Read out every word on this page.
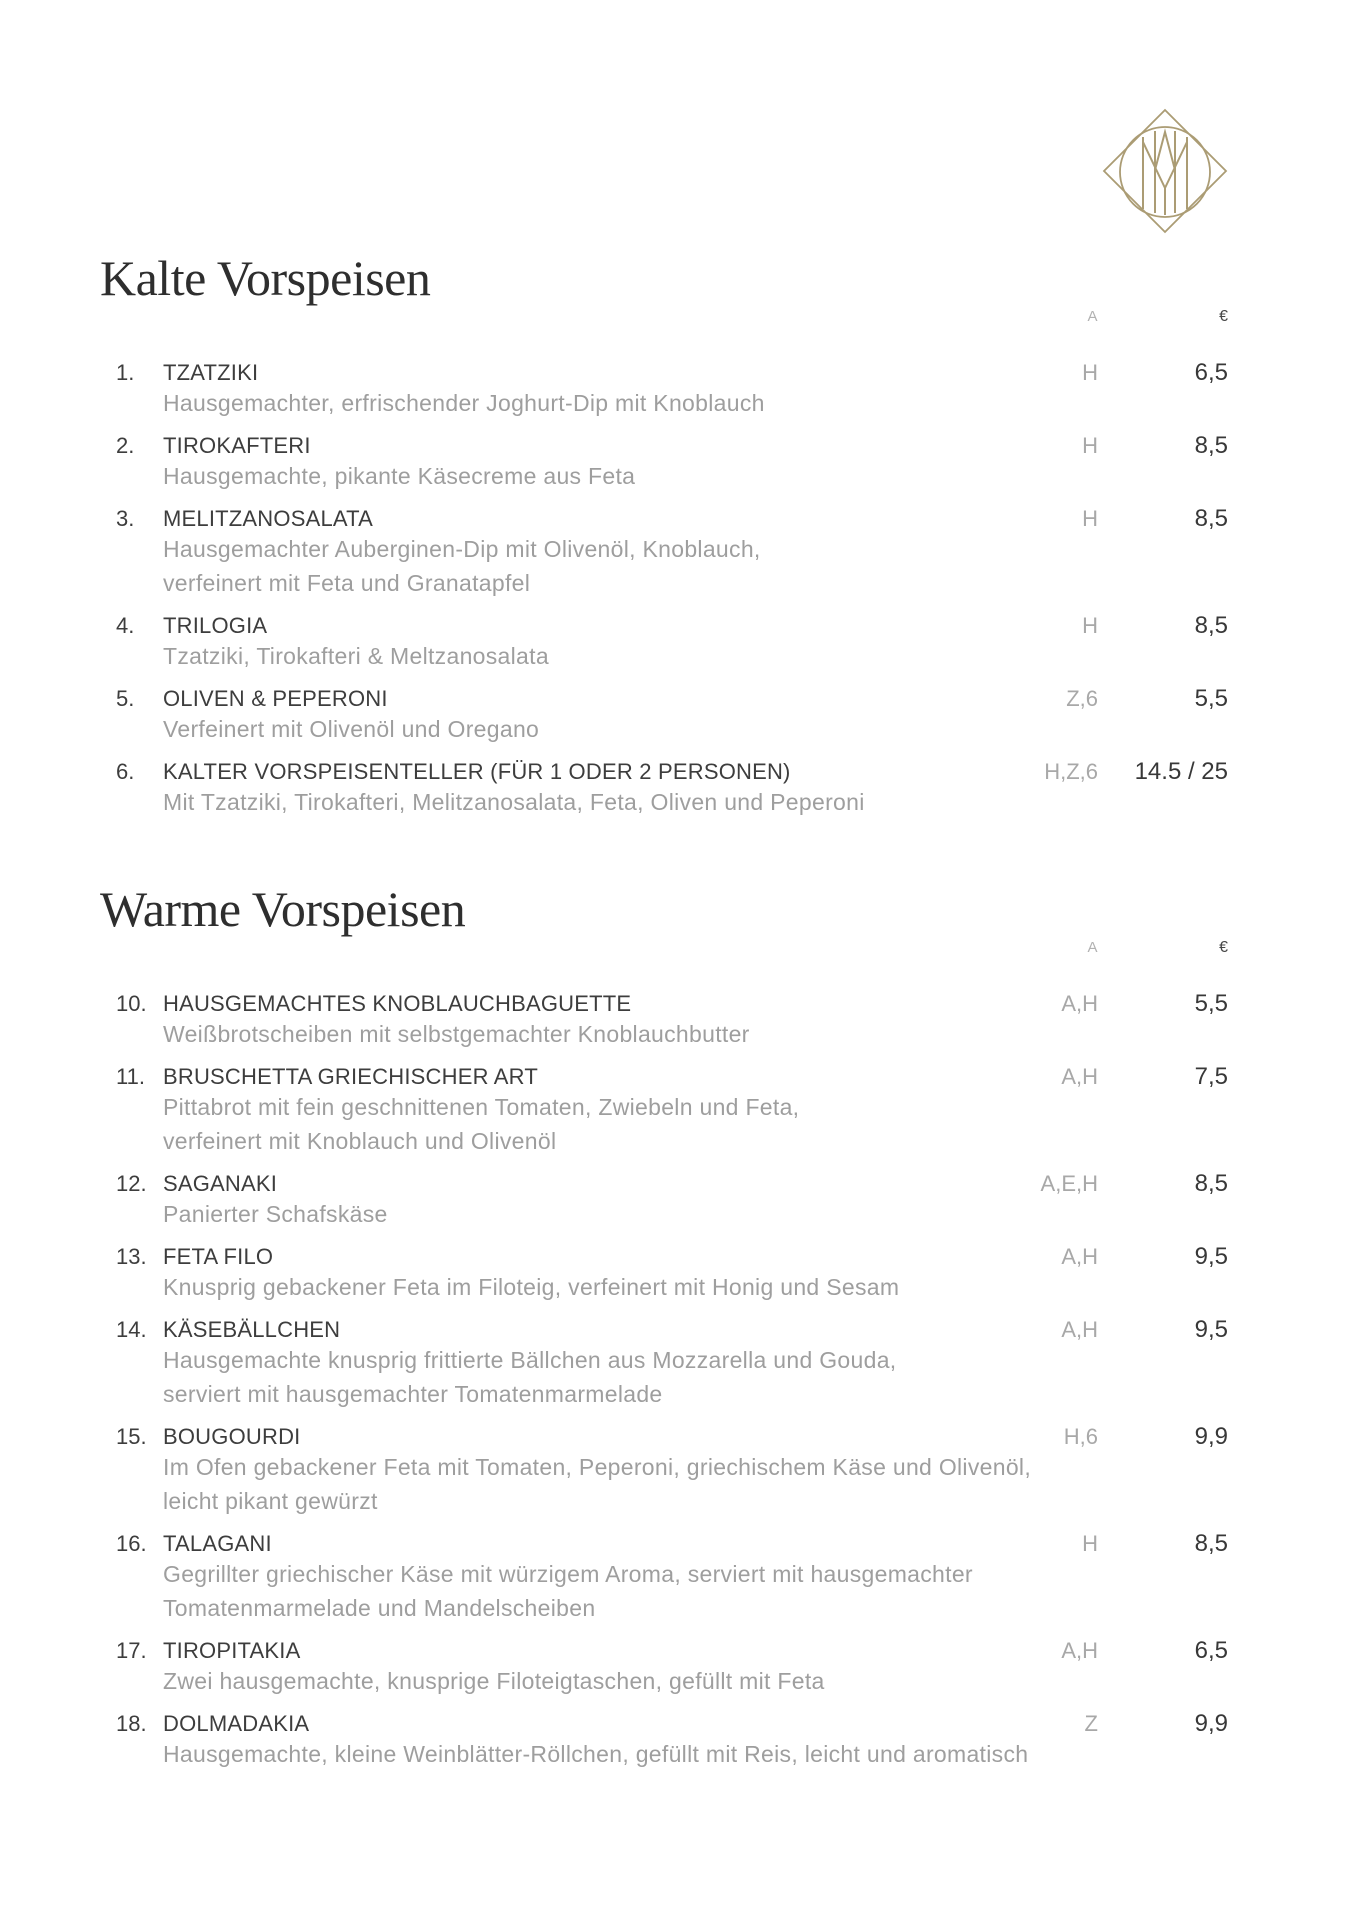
Kalte Vorspeisen
A	€
1.	TZATZIKI	H	6,5
Hausgemachter, erfrischender Joghurt-Dip mit Knoblauch
2.	TIROKAFTERI	H	8,5
Hausgemachte, pikante Käsecreme aus Feta
3.	MELITZANOSALATA	H	8,5
Hausgemachter Auberginen-Dip mit Olivenöl, Knoblauch,
verfeinert mit Feta und Granatapfel
4.	TRILOGIA	H	8,5
Tzatziki, Tirokafteri & Meltzanosalata
5.	OLIVEN & PEPERONI	Z,6	5,5
Verfeinert mit Olivenöl und Oregano
6.	KALTER VORSPEISENTELLER (FÜR 1 ODER 2 PERSONEN)	H,Z,6	14.5 / 25
Mit Tzatziki, Tirokafteri, Melitzanosalata, Feta, Oliven und Peperoni
Warme Vorspeisen
A	€
10. HAUSGEMACHTES KNOBLAUCHBAGUETTE	A,H	5,5
Weißbrotscheiben mit selbstgemachter Knoblauchbutter
11. BRUSCHETTA GRIECHISCHER ART	A,H	7,5
Pittabrot mit fein geschnittenen Tomaten, Zwiebeln und Feta,
verfeinert mit Knoblauch und Olivenöl
12. SAGANAKI	A,E,H	8,5
Panierter Schafskäse
13. FETA FILO	A,H	9,5
Knusprig gebackener Feta im Filoteig, verfeinert mit Honig und Sesam
14. KÄSEBÄLLCHEN	A,H	9,5
Hausgemachte knusprig frittierte Bällchen aus Mozzarella und Gouda,
serviert mit hausgemachter Tomatenmarmelade
15. BOUGOURDI	H,6	9,9
Im Ofen gebackener Feta mit Tomaten, Peperoni, griechischem Käse und Olivenöl,
leicht pikant gewürzt
16. TALAGANI	H	8,5
Gegrillter griechischer Käse mit würzigem Aroma, serviert mit hausgemachter
Tomatenmarmelade und Mandelscheiben
17. TIROPITAKIA	A,H	6,5
Zwei hausgemachte, knusprige Filoteigtaschen, gefüllt mit Feta
18. DOLMADAKIA	Z	9,9
Hausgemachte, kleine Weinblätter-Röllchen, gefüllt mit Reis, leicht und aromatisch
